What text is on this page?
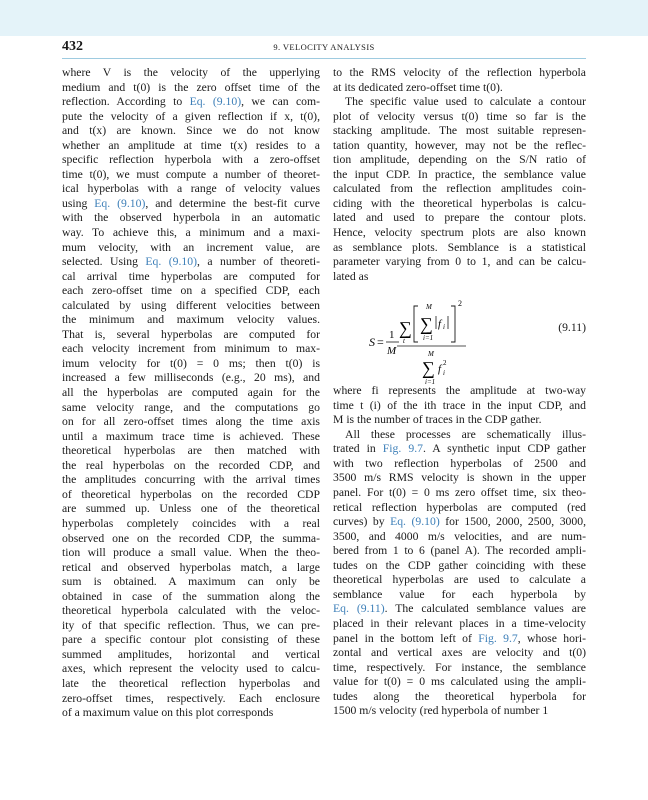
432	9. VELOCITY ANALYSIS
where V is the velocity of the upperlying
medium and t(0) is the zero offset time of the
reflection. According to Eq. (9.10), we can com-
pute the velocity of a given reflection if x, t(0),
and t(x) are known. Since we do not know
whether an amplitude at time t(x) resides to a
specific reflection hyperbola with a zero-offset
time t(0), we must compute a number of theoret-
ical hyperbolas with a range of velocity values
using Eq. (9.10), and determine the best-fit curve
with the observed hyperbola in an automatic
way. To achieve this, a minimum and a maxi-
mum velocity, with an increment value, are
selected. Using Eq. (9.10), a number of theoreti-
cal arrival time hyperbolas are computed for
each zero-offset time on a specified CDP, each
calculated by using different velocities between
the minimum and maximum velocity values.
That is, several hyperbolas are computed for
each velocity increment from minimum to max-
imum velocity for t(0) = 0 ms; then t(0) is
increased a few milliseconds (e.g., 20 ms), and
all the hyperbolas are computed again for the
same velocity range, and the computations go
on for all zero-offset times along the time axis
until a maximum trace time is achieved. These
theoretical hyperbolas are then matched with
the real hyperbolas on the recorded CDP, and
the amplitudes concurring with the arrival times
of theoretical hyperbolas on the recorded CDP
are summed up. Unless one of the theoretical
hyperbolas completely coincides with a real
observed one on the recorded CDP, the summa-
tion will produce a small value. When the theo-
retical and observed hyperbolas match, a large
sum is obtained. A maximum can only be
obtained in case of the summation along the
theoretical hyperbola calculated with the veloc-
ity of that specific reflection. Thus, we can pre-
pare a specific contour plot consisting of these
summed amplitudes, horizontal and vertical
axes, which represent the velocity used to calcu-
late the theoretical reflection hyperbolas and
zero-offset times, respectively. Each enclosure
of a maximum value on this plot corresponds
to the RMS velocity of the reflection hyperbola
at its dedicated zero-offset time t(0).
The specific value used to calculate a contour
plot of velocity versus t(0) time so far is the
stacking amplitude. The most suitable represen-
tation quantity, however, may not be the reflec-
tion amplitude, depending on the S/N ratio of
the input CDP. In practice, the semblance value
calculated from the reflection amplitudes coin-
ciding with the theoretical hyperbolas is calcu-
lated and used to prepare the contour plots.
Hence, velocity spectrum plots are also known
as semblance plots. Semblance is a statistical
parameter varying from 0 to 1, and can be calcu-
lated as
S = 1
M
∑
t
M
∑
i=1
f i
2
M
∑
i=1
f 2
i
(9.11)
where fi represents the amplitude at two-way
time t (i) of the ith trace in the input CDP, and
M is the number of traces in the CDP gather.
All these processes are schematically illus-
trated in Fig. 9.7. A synthetic input CDP gather
with two reflection hyperbolas of 2500 and
3500 m/s RMS velocity is shown in the upper
panel. For t(0) = 0 ms zero offset time, six theo-
retical reflection hyperbolas are computed (red
curves) by Eq. (9.10) for 1500, 2000, 2500, 3000,
3500, and 4000 m/s velocities, and are num-
bered from 1 to 6 (panel A). The recorded ampli-
tudes on the CDP gather coinciding with these
theoretical hyperbolas are used to calculate a
semblance value for each hyperbola by
Eq. (9.11). The calculated semblance values are
placed in their relevant places in a time-velocity
panel in the bottom left of Fig. 9.7, whose hori-
zontal and vertical axes are velocity and t(0)
time, respectively. For instance, the semblance
value for t(0) = 0 ms calculated using the ampli-
tudes along the theoretical hyperbola for
1500 m/s velocity (red hyperbola of number 1
